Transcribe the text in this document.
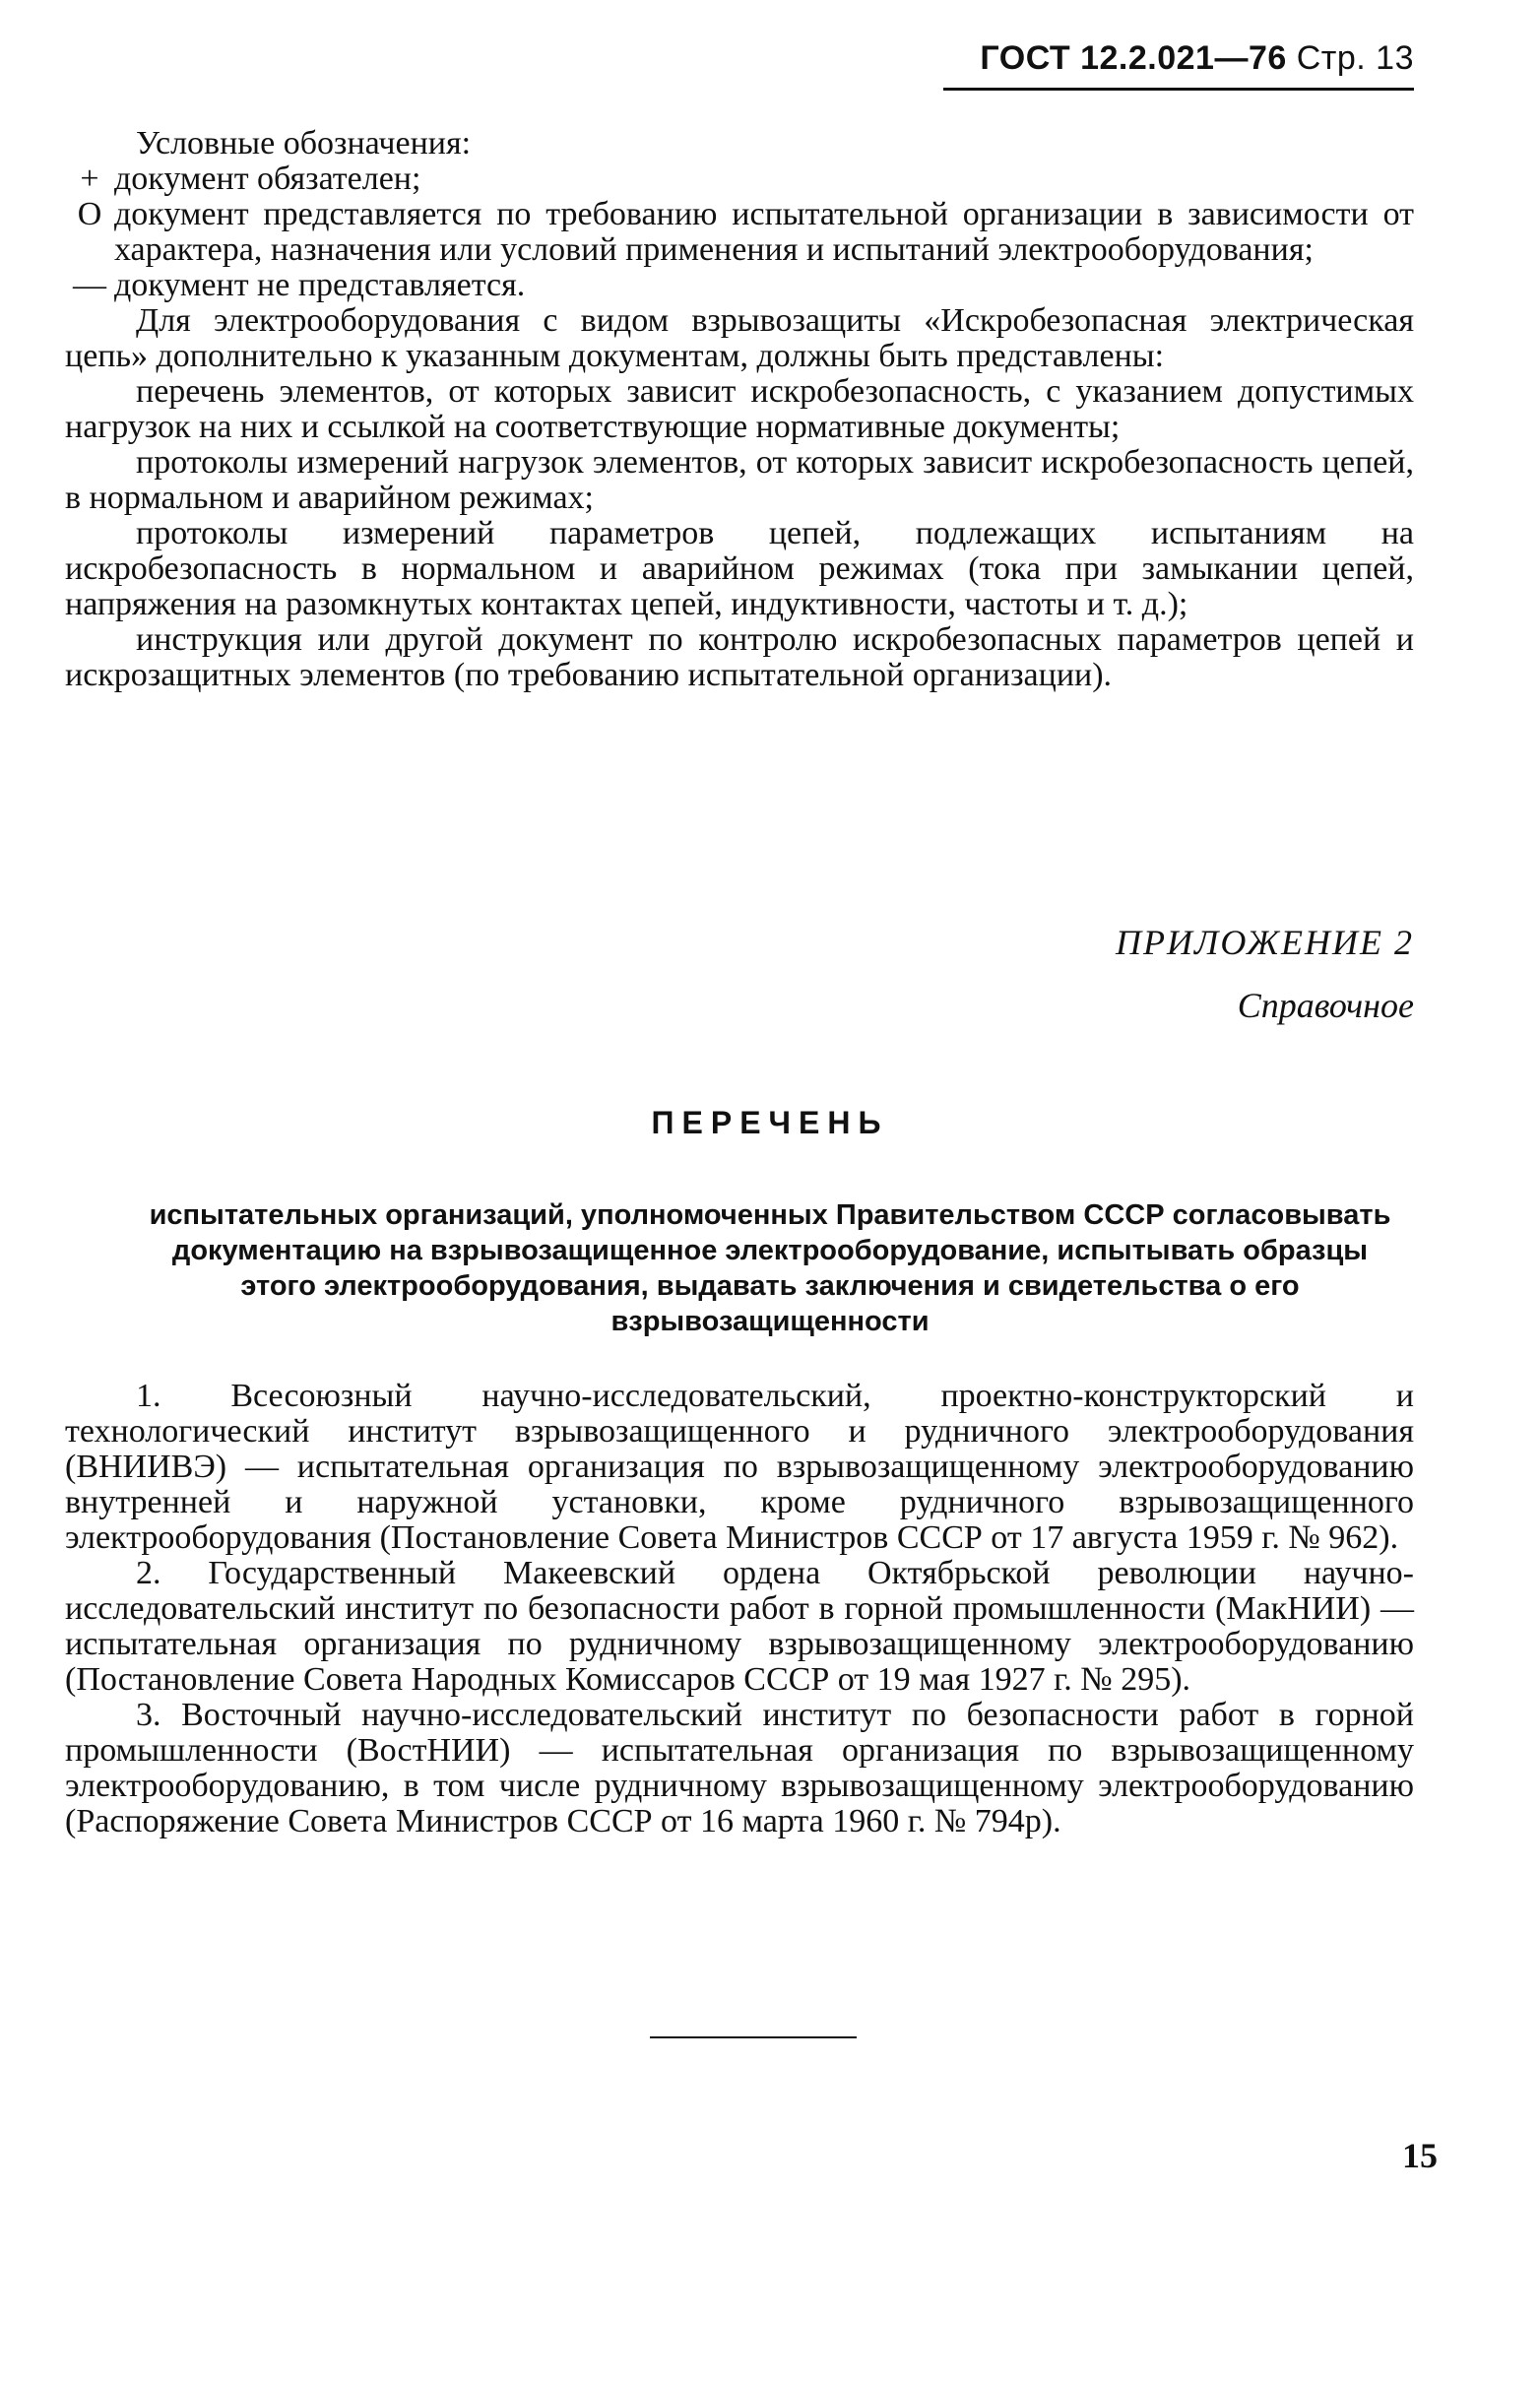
ГОСТ 12.2.021—76 Стр. 13

Условные обозначения:

+ документ обязателен;
O документ представляется по требованию испытательной организации в зависимости от характера, назначения или условий применения и испытаний электрооборудования;
— документ не представляется.

Для электрооборудования с видом взрывозащиты «Искробезопасная электрическая цепь» дополнительно к указанным документам, должны быть представлены:

перечень элементов, от которых зависит искробезопасность, с указанием допустимых нагрузок на них и ссылкой на соответствующие нормативные документы;

протоколы измерений нагрузок элементов, от которых зависит искробезопасность цепей, в нормальном и аварийном режимах;

протоколы измерений параметров цепей, подлежащих испытаниям на искробезопасность в нормальном и аварийном режимах (тока при замыкании цепей, напряжения на разомкнутых контактах цепей, индуктивности, частоты и т. д.);

инструкция или другой документ по контролю искробезопасных параметров цепей и искрозащитных элементов (по требованию испытательной организации).

ПРИЛОЖЕНИЕ 2
Справочное
ПЕРЕЧЕНЬ
испытательных организаций, уполномоченных Правительством СССР согласовывать документацию на взрывозащищенное электрооборудование, испытывать образцы этого электрооборудования, выдавать заключения и свидетельства о его взрывозащищенности

1. Всесоюзный научно-исследовательский, проектно-конструкторский и технологический институт взрывозащищенного и рудничного электрооборудования (ВНИИВЭ) — испытательная организация по взрывозащищенному электрооборудованию внутренней и наружной установки, кроме рудничного взрывозащищенного электрооборудования (Постановление Совета Министров СССР от 17 августа 1959 г. № 962).

2. Государственный Макеевский ордена Октябрьской революции научно-исследовательский институт по безопасности работ в горной промышленности (МакНИИ) — испытательная организация по рудничному взрывозащищенному электрооборудованию (Постановление Совета Народных Комиссаров СССР от 19 мая 1927 г. № 295).

3. Восточный научно-исследовательский институт по безопасности работ в горной промышленности (ВостНИИ) — испытательная организация по взрывозащищенному электрооборудованию, в том числе рудничному взрывозащищенному электрооборудованию (Распоряжение Совета Министров СССР от 16 марта 1960 г. № 794р).

15
